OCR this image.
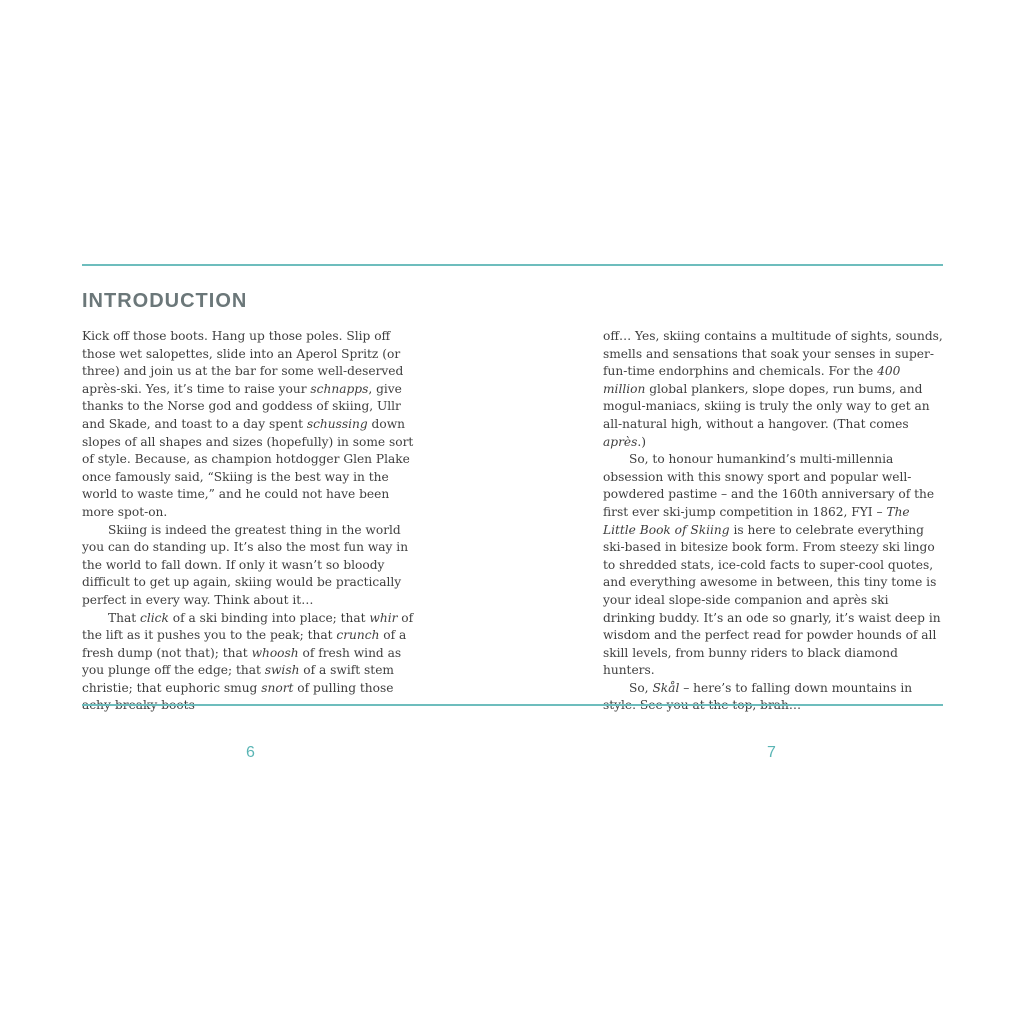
INTRODUCTION

Kick off those boots. Hang up those poles. Slip off those wet salopettes, slide into an Aperol Spritz (or three) and join us at the bar for some well-deserved après-ski. Yes, it’s time to raise your schnapps, give thanks to the Norse god and goddess of skiing, Ullr and Skade, and toast to a day spent schussing down slopes of all shapes and sizes (hopefully) in some sort of style. Because, as champion hotdogger Glen Plake once famously said, “Skiing is the best way in the world to waste time,” and he could not have been more spot-on.

Skiing is indeed the greatest thing in the world you can do standing up. It’s also the most fun way in the world to fall down. If only it wasn’t so bloody difficult to get up again, skiing would be practically perfect in every way. Think about it…

That click of a ski binding into place; that whir of the lift as it pushes you to the peak; that crunch of a fresh dump (not that); that whoosh of fresh wind as you plunge off the edge; that swish of a swift stem christie; that euphoric smug snort of pulling those achy-breaky boots

off… Yes, skiing contains a multitude of sights, sounds, smells and sensations that soak your senses in super-fun-time endorphins and chemicals. For the 400 million global plankers, slope dopes, run bums, and mogul-maniacs, skiing is truly the only way to get an all-natural high, without a hangover. (That comes après.)

So, to honour humankind’s multi-millennia obsession with this snowy sport and popular well-powdered pastime – and the 160th anniversary of the first ever ski-jump competition in 1862, FYI – The Little Book of Skiing is here to celebrate everything ski-based in bitesize book form. From steezy ski lingo to shredded stats, ice-cold facts to super-cool quotes, and everything awesome in between, this tiny tome is your ideal slope-side companion and après ski drinking buddy. It’s an ode so gnarly, it’s waist deep in wisdom and the perfect read for powder hounds of all skill levels, from bunny riders to black diamond hunters.

So, Skål – here’s to falling down mountains in style. See you at the top, brah…

6	7
